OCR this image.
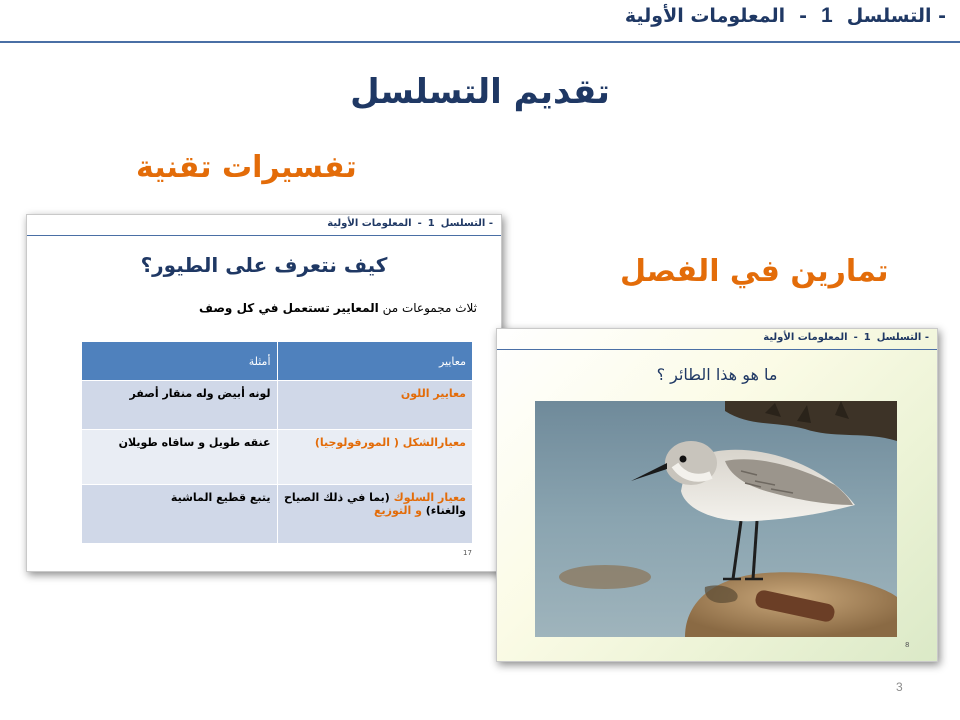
- التسلسل
1
-
المعلومات الأولية
تقديم التسلسل
تفسيرات تقنية
تمارين في الفصل
- التسلسل
1
-
المعلومات الأولية
كيف نتعرف على الطيور؟
ثلاث مجموعات من المعايير تستعمل في كل وصف
معايير	أمثلة
معايير اللون	لونه أبيض وله منقار أصفر
معيارالشكل ( المورفولوجيا)	عنقه طويل و ساقاه طويلان
معيار السلوك (بما في ذلك الصياح والغناء) و التوزيع	يتبع قطيع الماشية
17
- التسلسل
1
-
المعلومات الأولية
ما هو هذا الطائر ؟
8
3
